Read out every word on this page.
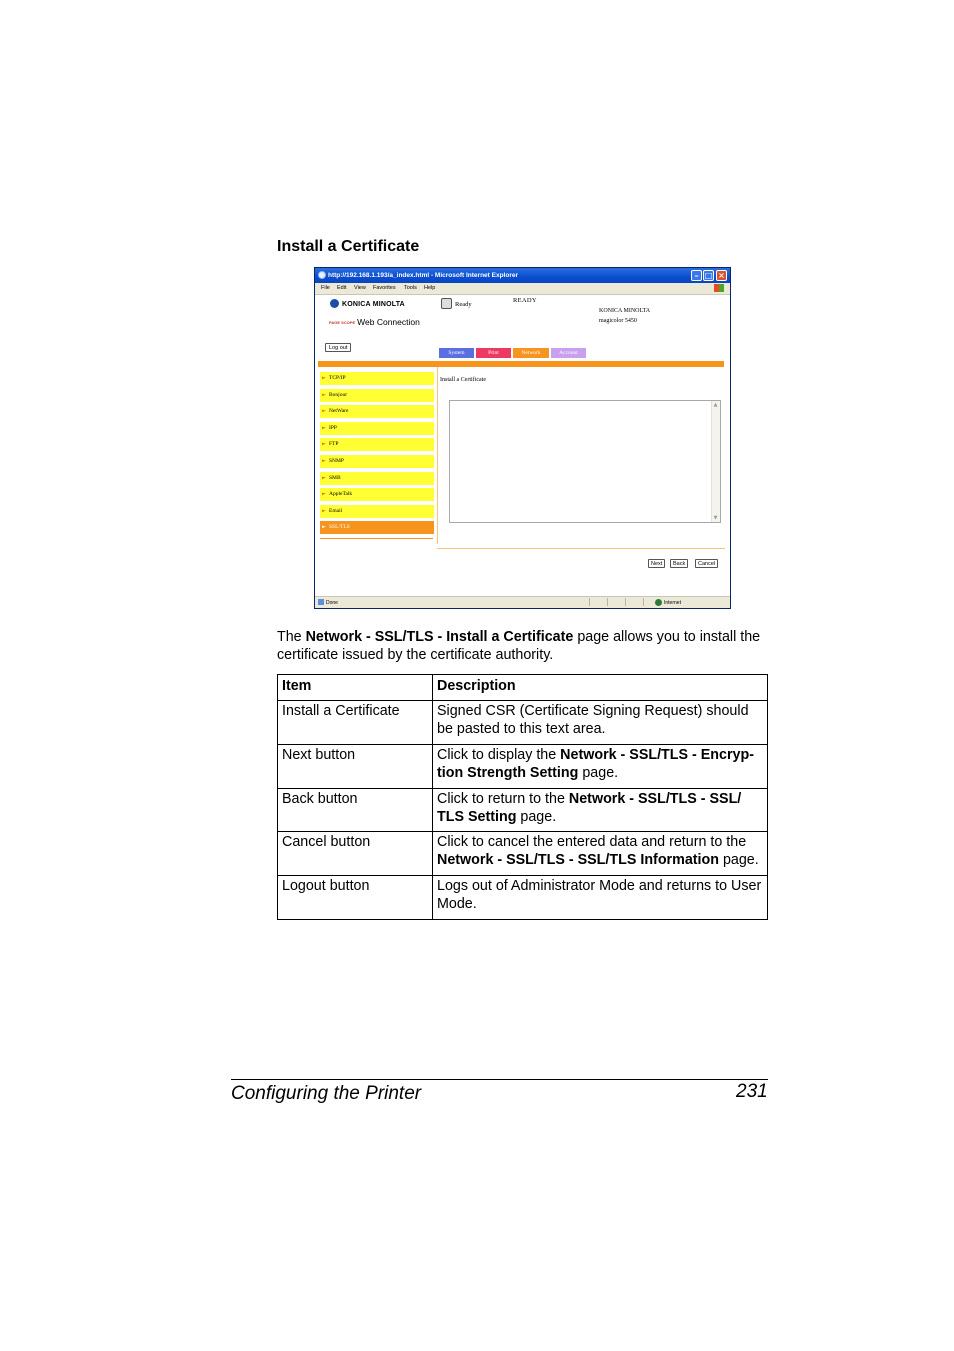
Install a Certificate
http://192.168.1.193/a_index.html - Microsoft Internet Explorer	– □ ×
File Edit View Favorites Tools Help
KONICA MINOLTA
PAGE SCOPE Web Connection
Ready
READY
KONICA MINOLTA
magicolor 5450
Log out
System	Print	Network	Account
► TCP/IP
► Bonjour
► NetWare
► IPP
► FTP
► SNMP
► SMB
► AppleTalk
► Email
► SSL/TLS
Install a Certificate
▲
▼
Next	Back	Cancel
Done	Internet
The Network - SSL/TLS - Install a Certificate page allows you to install the certificate issued by the certificate authority.
Item	Description
Install a Certificate	Signed CSR (Certificate Signing Request) should be pasted to this text area.
Next button	Click to display the Network - SSL/TLS - Encryp-tion Strength Setting page.
Back button	Click to return to the Network - SSL/TLS - SSL/ TLS Setting page.
Cancel button	Click to cancel the entered data and return to the Network - SSL/TLS - SSL/TLS Information page.
Logout button	Logs out of Administrator Mode and returns to User Mode.
Configuring the Printer	231
